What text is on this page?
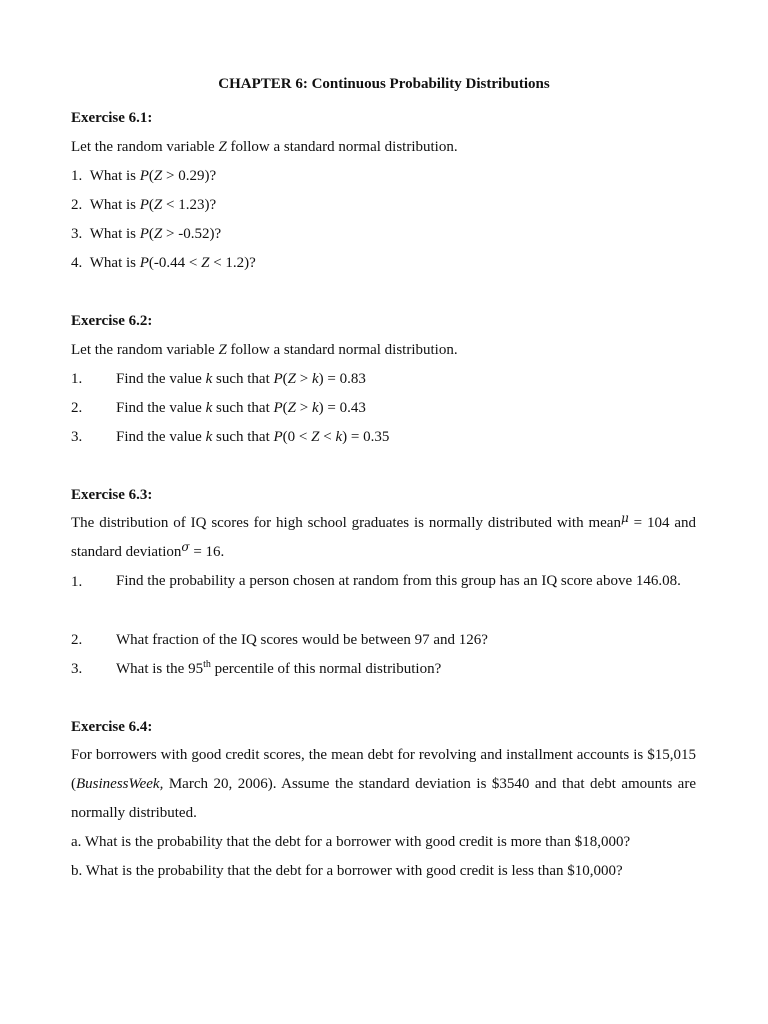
CHAPTER 6: Continuous Probability Distributions
Exercise 6.1:
Let the random variable Z follow a standard normal distribution.
1. What is P(Z > 0.29)?
2. What is P(Z < 1.23)?
3. What is P(Z > -0.52)?
4. What is P(-0.44 < Z < 1.2)?
Exercise 6.2:
Let the random variable Z follow a standard normal distribution.
1. Find the value k such that P(Z > k) = 0.83
2. Find the value k such that P(Z > k) = 0.43
3. Find the value k such that P(0 < Z < k) = 0.35
Exercise 6.3:
The distribution of IQ scores for high school graduates is normally distributed with mean$^\mu$ = 104 and standard deviation$^\sigma$ = 16.
1. Find the probability a person chosen at random from this group has an IQ score above 146.08.
2. What fraction of the IQ scores would be between 97 and 126?
3. What is the 95th percentile of this normal distribution?
Exercise 6.4:
For borrowers with good credit scores, the mean debt for revolving and installment accounts is $15,015 (BusinessWeek, March 20, 2006). Assume the standard deviation is $3540 and that debt amounts are normally distributed.
a. What is the probability that the debt for a borrower with good credit is more than $18,000?
b. What is the probability that the debt for a borrower with good credit is less than $10,000?
